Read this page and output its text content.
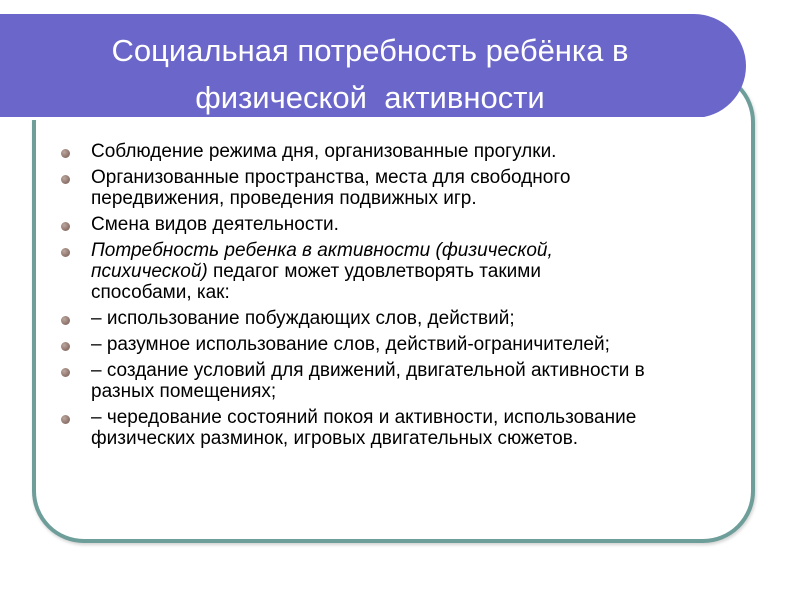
Социальная потребность ребёнка в
физической  активности
Соблюдение режима дня, организованные прогулки.
Организованные пространства, места для свободного
передвижения, проведения подвижных игр.
Смена видов деятельности.
Потребность ребенка в активности (физической,
психической) педагог может удовлетворять такими
способами, как:
– использование побуждающих слов, действий;
– разумное использование слов, действий-ограничителей;
– создание условий для движений, двигательной активности в
разных помещениях;
– чередование состояний покоя и активности, использование
физических разминок, игровых двигательных сюжетов.
